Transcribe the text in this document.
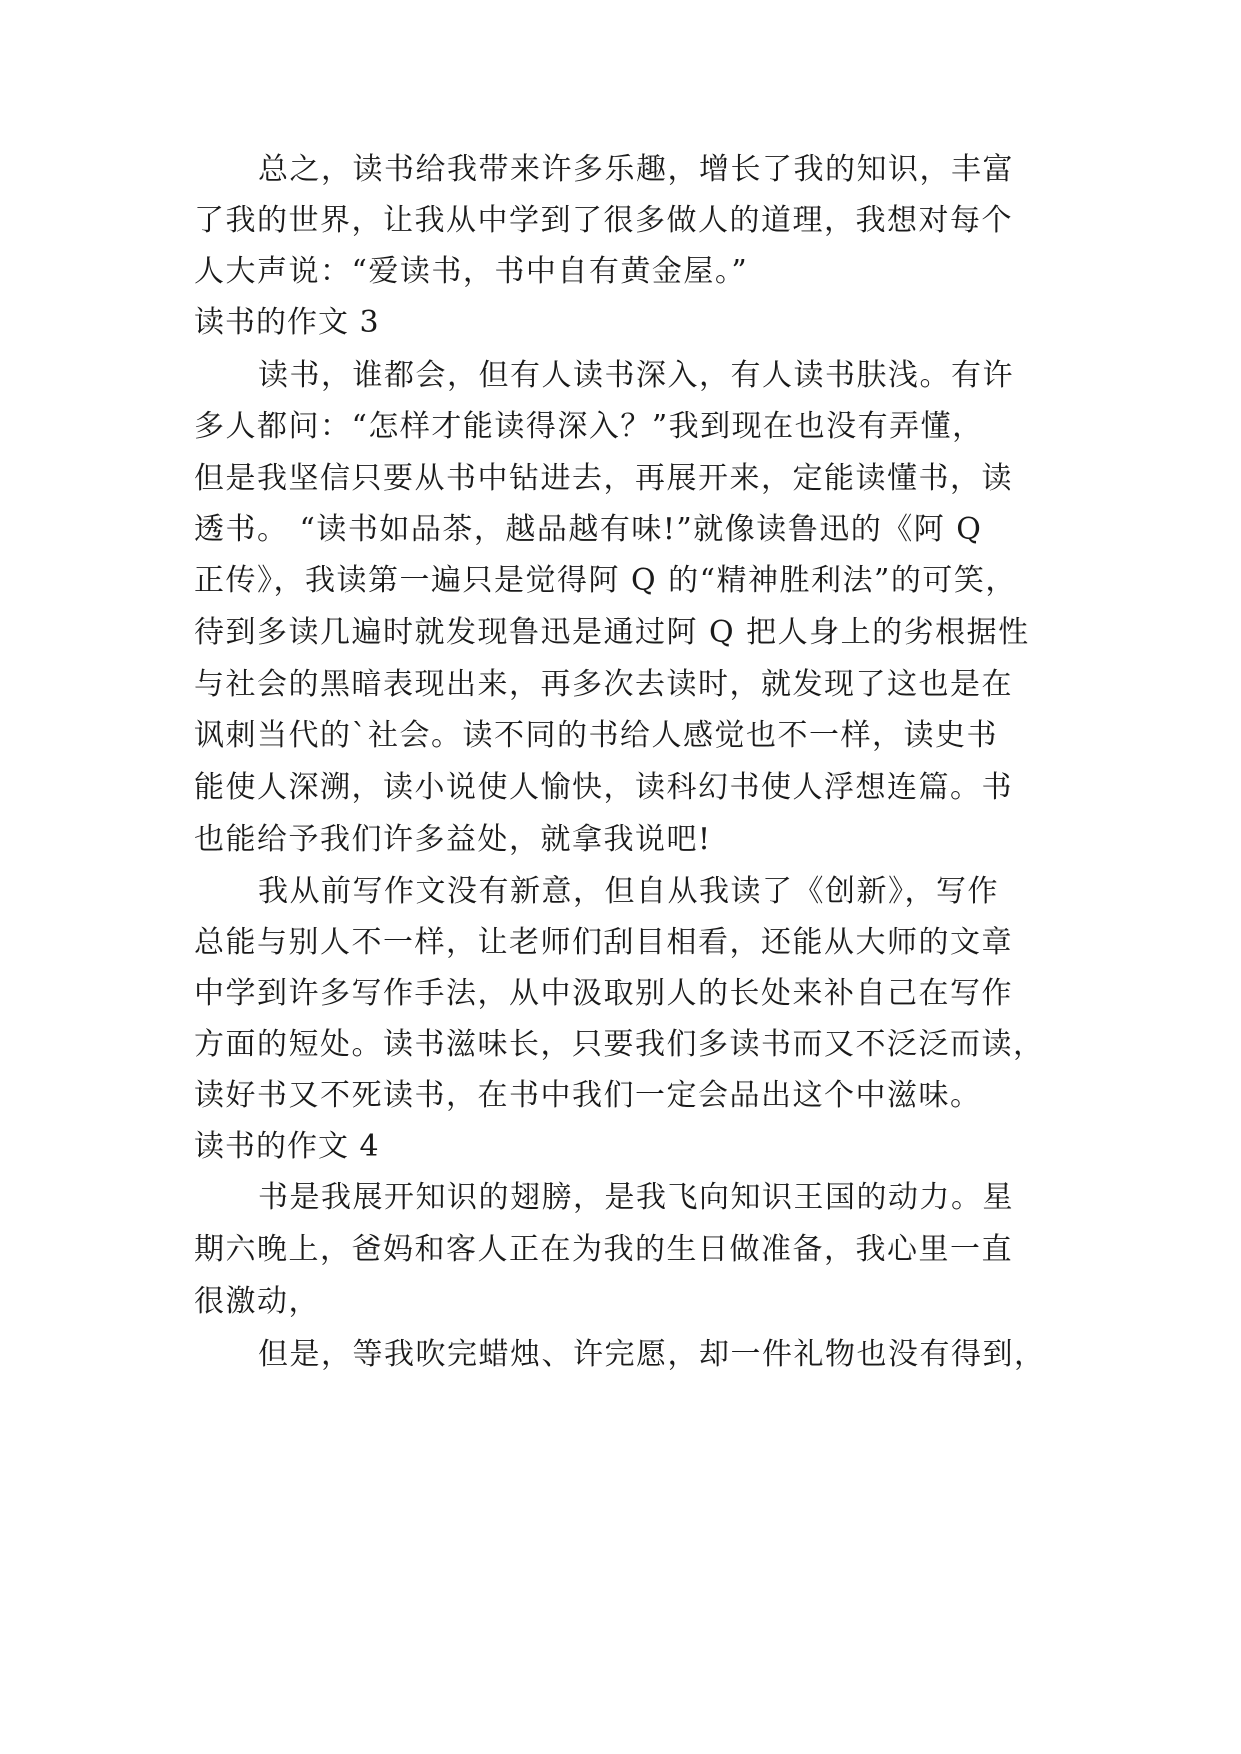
总之，读书给我带来许多乐趣，增长了我的知识，丰富
了我的世界，让我从中学到了很多做人的道理，我想对每个
人大声说：“爱读书，书中自有黄金屋。”
读书的作文 3
读书，谁都会，但有人读书深入，有人读书肤浅。有许
多人都问：“怎样才能读得深入？”我到现在也没有弄懂，
但是我坚信只要从书中钻进去，再展开来，定能读懂书，读
透书。 “读书如品茶，越品越有味!”就像读鲁迅的《阿 Q
正传》，我读第一遍只是觉得阿 Q 的“精神胜利法”的可笑，
待到多读几遍时就发现鲁迅是通过阿 Q 把人身上的劣根据性
与社会的黑暗表现出来，再多次去读时，就发现了这也是在
讽刺当代的`社会。读不同的书给人感觉也不一样，读史书
能使人深溯，读小说使人愉快，读科幻书使人浮想连篇。书
也能给予我们许多益处，就拿我说吧!
我从前写作文没有新意，但自从我读了《创新》，写作
总能与别人不一样，让老师们刮目相看，还能从大师的文章
中学到许多写作手法，从中汲取别人的长处来补自己在写作
方面的短处。读书滋味长，只要我们多读书而又不泛泛而读，
读好书又不死读书，在书中我们一定会品出这个中滋味。
读书的作文 4
书是我展开知识的翅膀，是我飞向知识王国的动力。星
期六晚上，爸妈和客人正在为我的生日做准备，我心里一直
很激动，
但是，等我吹完蜡烛、许完愿，却一件礼物也没有得到，
